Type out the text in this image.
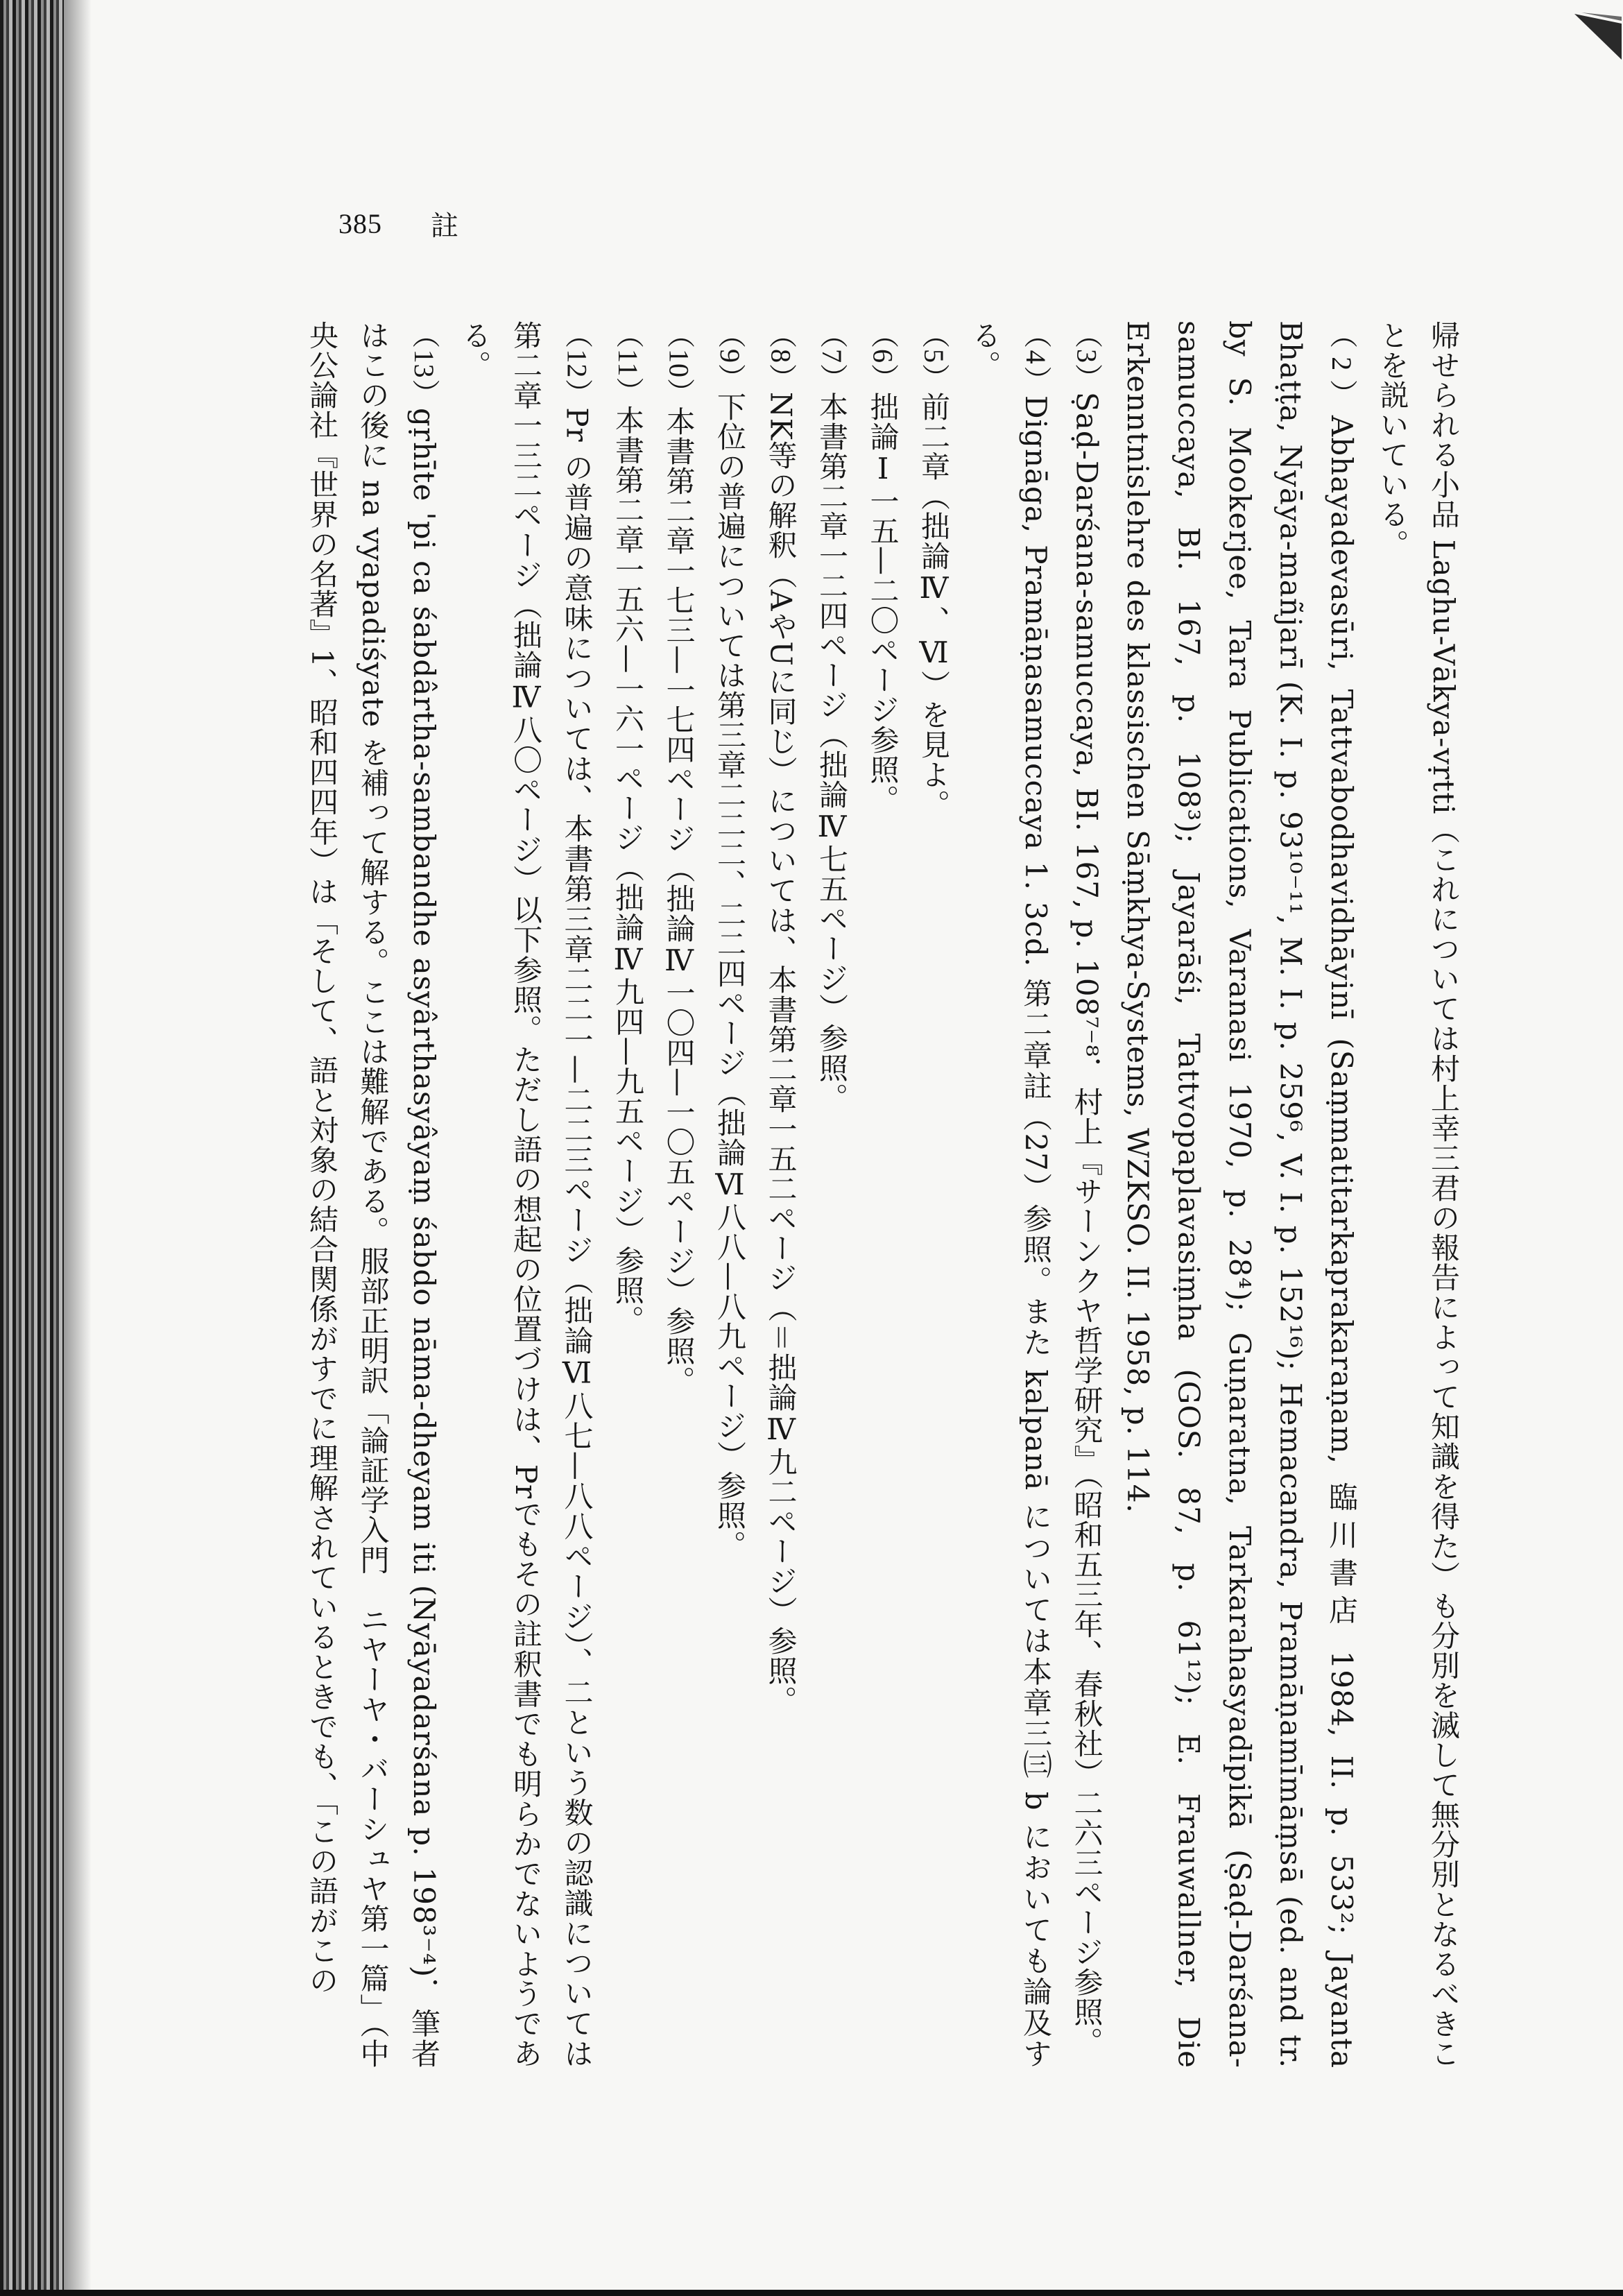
385 註

帰せられる小品 Laghu-Vākya-vṛtti（これについては村上幸三君の報告によって知識を得た）も分別を滅して無分別となるべきことを説いている。

（2）Abhayadevasūri, Tattvabodhavidhāyinī (Saṃmatitarkaprakaraṇam, 臨川書店 1984, II. p. 533²; Jayanta Bhaṭṭa, Nyāya-mañjarī (K. I. p. 93¹⁰⁻¹¹, M. I. p. 259⁶, V. I. p. 152¹⁶); Hemacandra, Pramāṇamīmāṃsā (ed. and tr. by S. Mookerjee, Tara Publications, Varanasi 1970, p. 28⁴); Guṇaratna, Tarkarahasyadīpikā (Ṣaḍ-Darśana-samuccaya, BI. 167, p. 108³); Jayarāśi, Tattvopaplavasiṃha (GOS. 87, p. 61¹²); E. Frauwallner, Die Erkenntnislehre des klassischen Sāṃkhya-Systems, WZKSO. II. 1958, p. 114.

（3）Ṣaḍ-Darśana-samuccaya, BI. 167, p. 108⁷⁻⁸．村上『サーンクヤ哲学研究』（昭和五三年、春秋社）二六三ページ参照。

（4）Dignāga, Pramāṇasamuccaya 1. 3cd. 第二章註（27）参照。また kalpanā については本章三㈢ b においても論及する。

（5）前二章（拙論Ⅳ、Ⅵ）を見よ。

（6）拙論Ⅰ一五—二〇ページ参照。

（7）本書第二章一二四ページ（拙論Ⅳ七五ページ）参照。

（8）NK等の解釈（AやUに同じ）については、本書第二章一五二ページ（＝拙論Ⅳ九二ページ）参照。

（9）下位の普遍については第三章二二二、二二四ページ（拙論Ⅵ八八—八九ページ）参照。

（10）本書第二章一七三—一七四ページ（拙論Ⅳ一〇四—一〇五ページ）参照。

（11）本書第二章一五六—一六一ページ（拙論Ⅳ九四—九五ページ）参照。

（12）Pr の普遍の意味については、本書第三章二二一—二二三ページ（拙論Ⅵ八七—八八ページ）、二という数の認識については第二章一三二ページ（拙論Ⅳ八〇ページ）以下参照。ただし語の想起の位置づけは、Prでもその註釈書でも明らかでないようである。

（13）gṛhīte 'pi ca śabdârtha-sambandhe asyârthasyâyaṃ śabdo nāma-dheyam iti (Nyāyadarśana p. 198³⁻⁴)．筆者はこの後に na vyapadiśyate を補って解する。ここは難解である。服部正明訳「論証学入門　ニヤーヤ・バーシュヤ第一篇」（中央公論社『世界の名著』1、昭和四四年）は「そして、語と対象の結合関係がすでに理解されているときでも、「この語がこの
